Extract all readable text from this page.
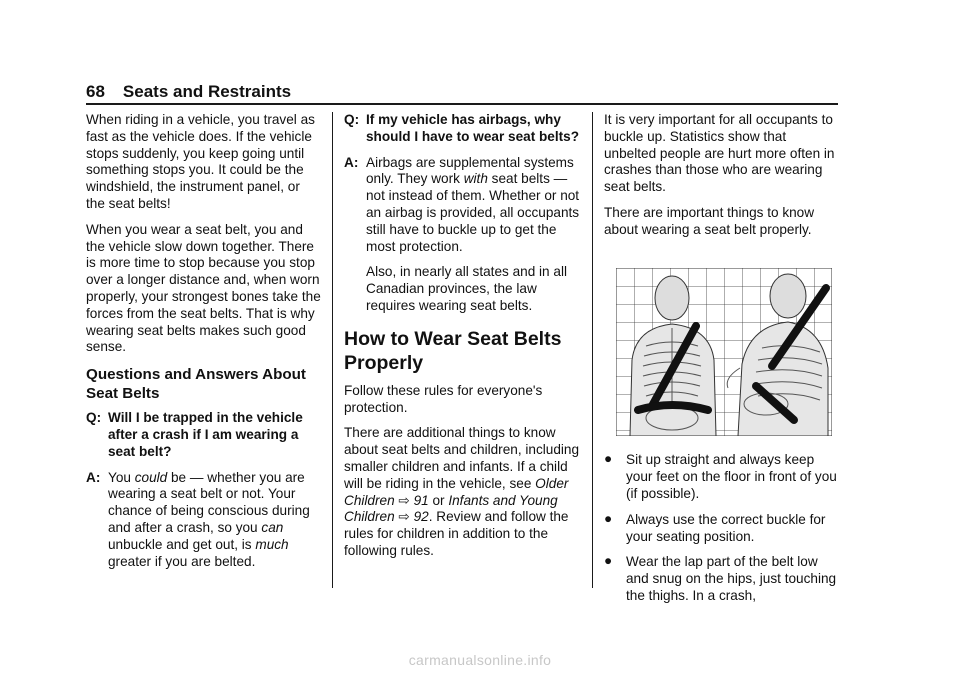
68 Seats and Restraints

When riding in a vehicle, you travel as fast as the vehicle does. If the vehicle stops suddenly, you keep going until something stops you. It could be the windshield, the instrument panel, or the seat belts!

When you wear a seat belt, you and the vehicle slow down together. There is more time to stop because you stop over a longer distance and, when worn properly, your strongest bones take the forces from the seat belts. That is why wearing seat belts makes such good sense.

Questions and Answers About Seat Belts
Q: Will I be trapped in the vehicle after a crash if I am wearing a seat belt?
A: You could be — whether you are wearing a seat belt or not. Your chance of being conscious during and after a crash, so you can unbuckle and get out, is much greater if you are belted.
Q: If my vehicle has airbags, why should I have to wear seat belts?
A: Airbags are supplemental systems only. They work with seat belts — not instead of them. Whether or not an airbag is provided, all occupants still have to buckle up to get the most protection.
Also, in nearly all states and in all Canadian provinces, the law requires wearing seat belts.
How to Wear Seat Belts Properly

Follow these rules for everyone's protection.

There are additional things to know about seat belts and children, including smaller children and infants. If a child will be riding in the vehicle, see Older Children ⇨ 91 or Infants and Young Children ⇨ 92. Review and follow the rules for children in addition to the following rules.

It is very important for all occupants to buckle up. Statistics show that unbelted people are hurt more often in crashes than those who are wearing seat belts.

There are important things to know about wearing a seat belt properly.

● Sit up straight and always keep your feet on the floor in front of you (if possible).
● Always use the correct buckle for your seating position.
● Wear the lap part of the belt low and snug on the hips, just touching the thighs. In a crash,
carmanualsonline.info
